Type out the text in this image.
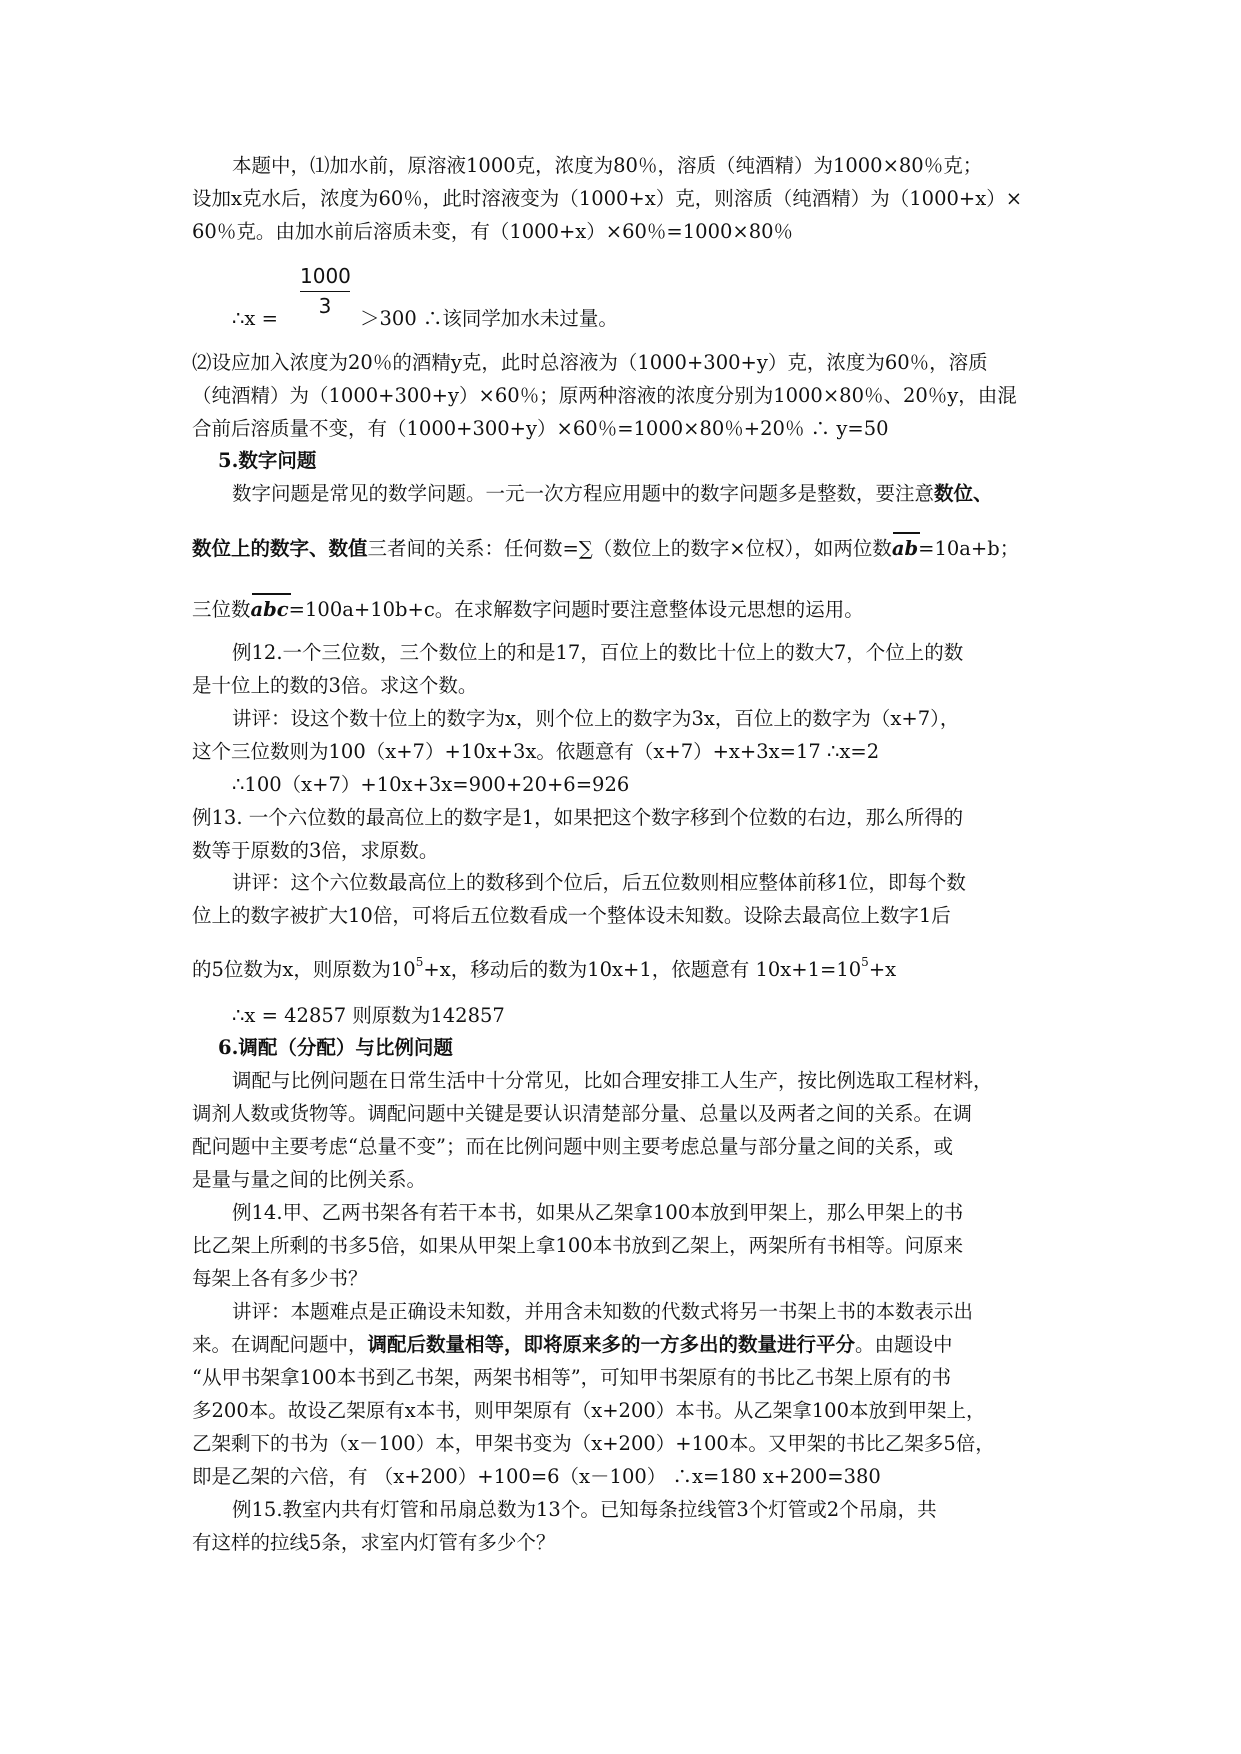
本题中，⑴加水前，原溶液1000克，浓度为80％，溶质（纯酒精）为1000×80％克；
设加x克水后，浓度为60％，此时溶液变为（1000+x）克，则溶质（纯酒精）为（1000+x）×
60％克。由加水前后溶质未变，有（1000+x）×60％=1000×80％
∴x = $\frac{1000}{3} >300$ ∴该同学加水未过量。
⑵设应加入浓度为20％的酒精y克，此时总溶液为（1000+300+y）克，浓度为60％，溶质
（纯酒精）为（1000+300+y）×60％；原两种溶液的浓度分别为1000×80％、20％y，由混
合前后溶质量不变，有（1000+300+y）×60％=1000×80％+20％ ∴ y=50
5.数字问题
数字问题是常见的数学问题。一元一次方程应用题中的数字问题多是整数，要注意数位、
数位上的数字、数值三者间的关系：任何数=∑（数位上的数字×位权），如两位数ab
=10a+b；
三位数abc
=100a+10b+c。在求解数字问题时要注意整体设元思想的运用。
例12.一个三位数，三个数位上的和是17，百位上的数比十位上的数大7，个位上的数
是十位上的数的3倍。求这个数。
讲评：设这个数十位上的数字为x，则个位上的数字为3x，百位上的数字为（x+7），
这个三位数则为100（x+7）+10x+3x。依题意有（x+7）+x+3x=17 ∴x=2
∴100（x+7）+10x+3x=900+20+6=926
例13. 一个六位数的最高位上的数字是1，如果把这个数字移到个位数的右边，那么所得的
数等于原数的3倍，求原数。
讲评：这个六位数最高位上的数移到个位后，后五位数则相应整体前移1位，即每个数
位上的数字被扩大10倍，可将后五位数看成一个整体设未知数。设除去最高位上数字1后
的5位数为x，则原数为$10^5+x$，移动后的数为10x+1，依题意有 $10x+1=10^5+x$
∴x = 42857 则原数为142857
6.调配（分配）与比例问题
调配与比例问题在日常生活中十分常见，比如合理安排工人生产，按比例选取工程材料，
调剂人数或货物等。调配问题中关键是要认识清楚部分量、总量以及两者之间的关系。在调
配问题中主要考虑“总量不变”；而在比例问题中则主要考虑总量与部分量之间的关系，或
是量与量之间的比例关系。
例14.甲、乙两书架各有若干本书，如果从乙架拿100本放到甲架上，那么甲架上的书
比乙架上所剩的书多5倍，如果从甲架上拿100本书放到乙架上，两架所有书相等。问原来
每架上各有多少书？
讲评：本题难点是正确设未知数，并用含未知数的代数式将另一书架上书的本数表示出
来。在调配问题中，调配后数量相等，即将原来多的一方多出的数量进行平分。由题设中
“从甲书架拿100本书到乙书架，两架书相等”，可知甲书架原有的书比乙书架上原有的书
多200本。故设乙架原有x本书，则甲架原有（x+200）本书。从乙架拿100本放到甲架上，
乙架剩下的书为（x－100）本，甲架书变为（x+200）+100本。又甲架的书比乙架多5倍，
即是乙架的六倍，有 （x+200）+100=6（x－100） ∴x=180 x+200=380
例15.教室内共有灯管和吊扇总数为13个。已知每条拉线管3个灯管或2个吊扇，共
有这样的拉线5条，求室内灯管有多少个？
